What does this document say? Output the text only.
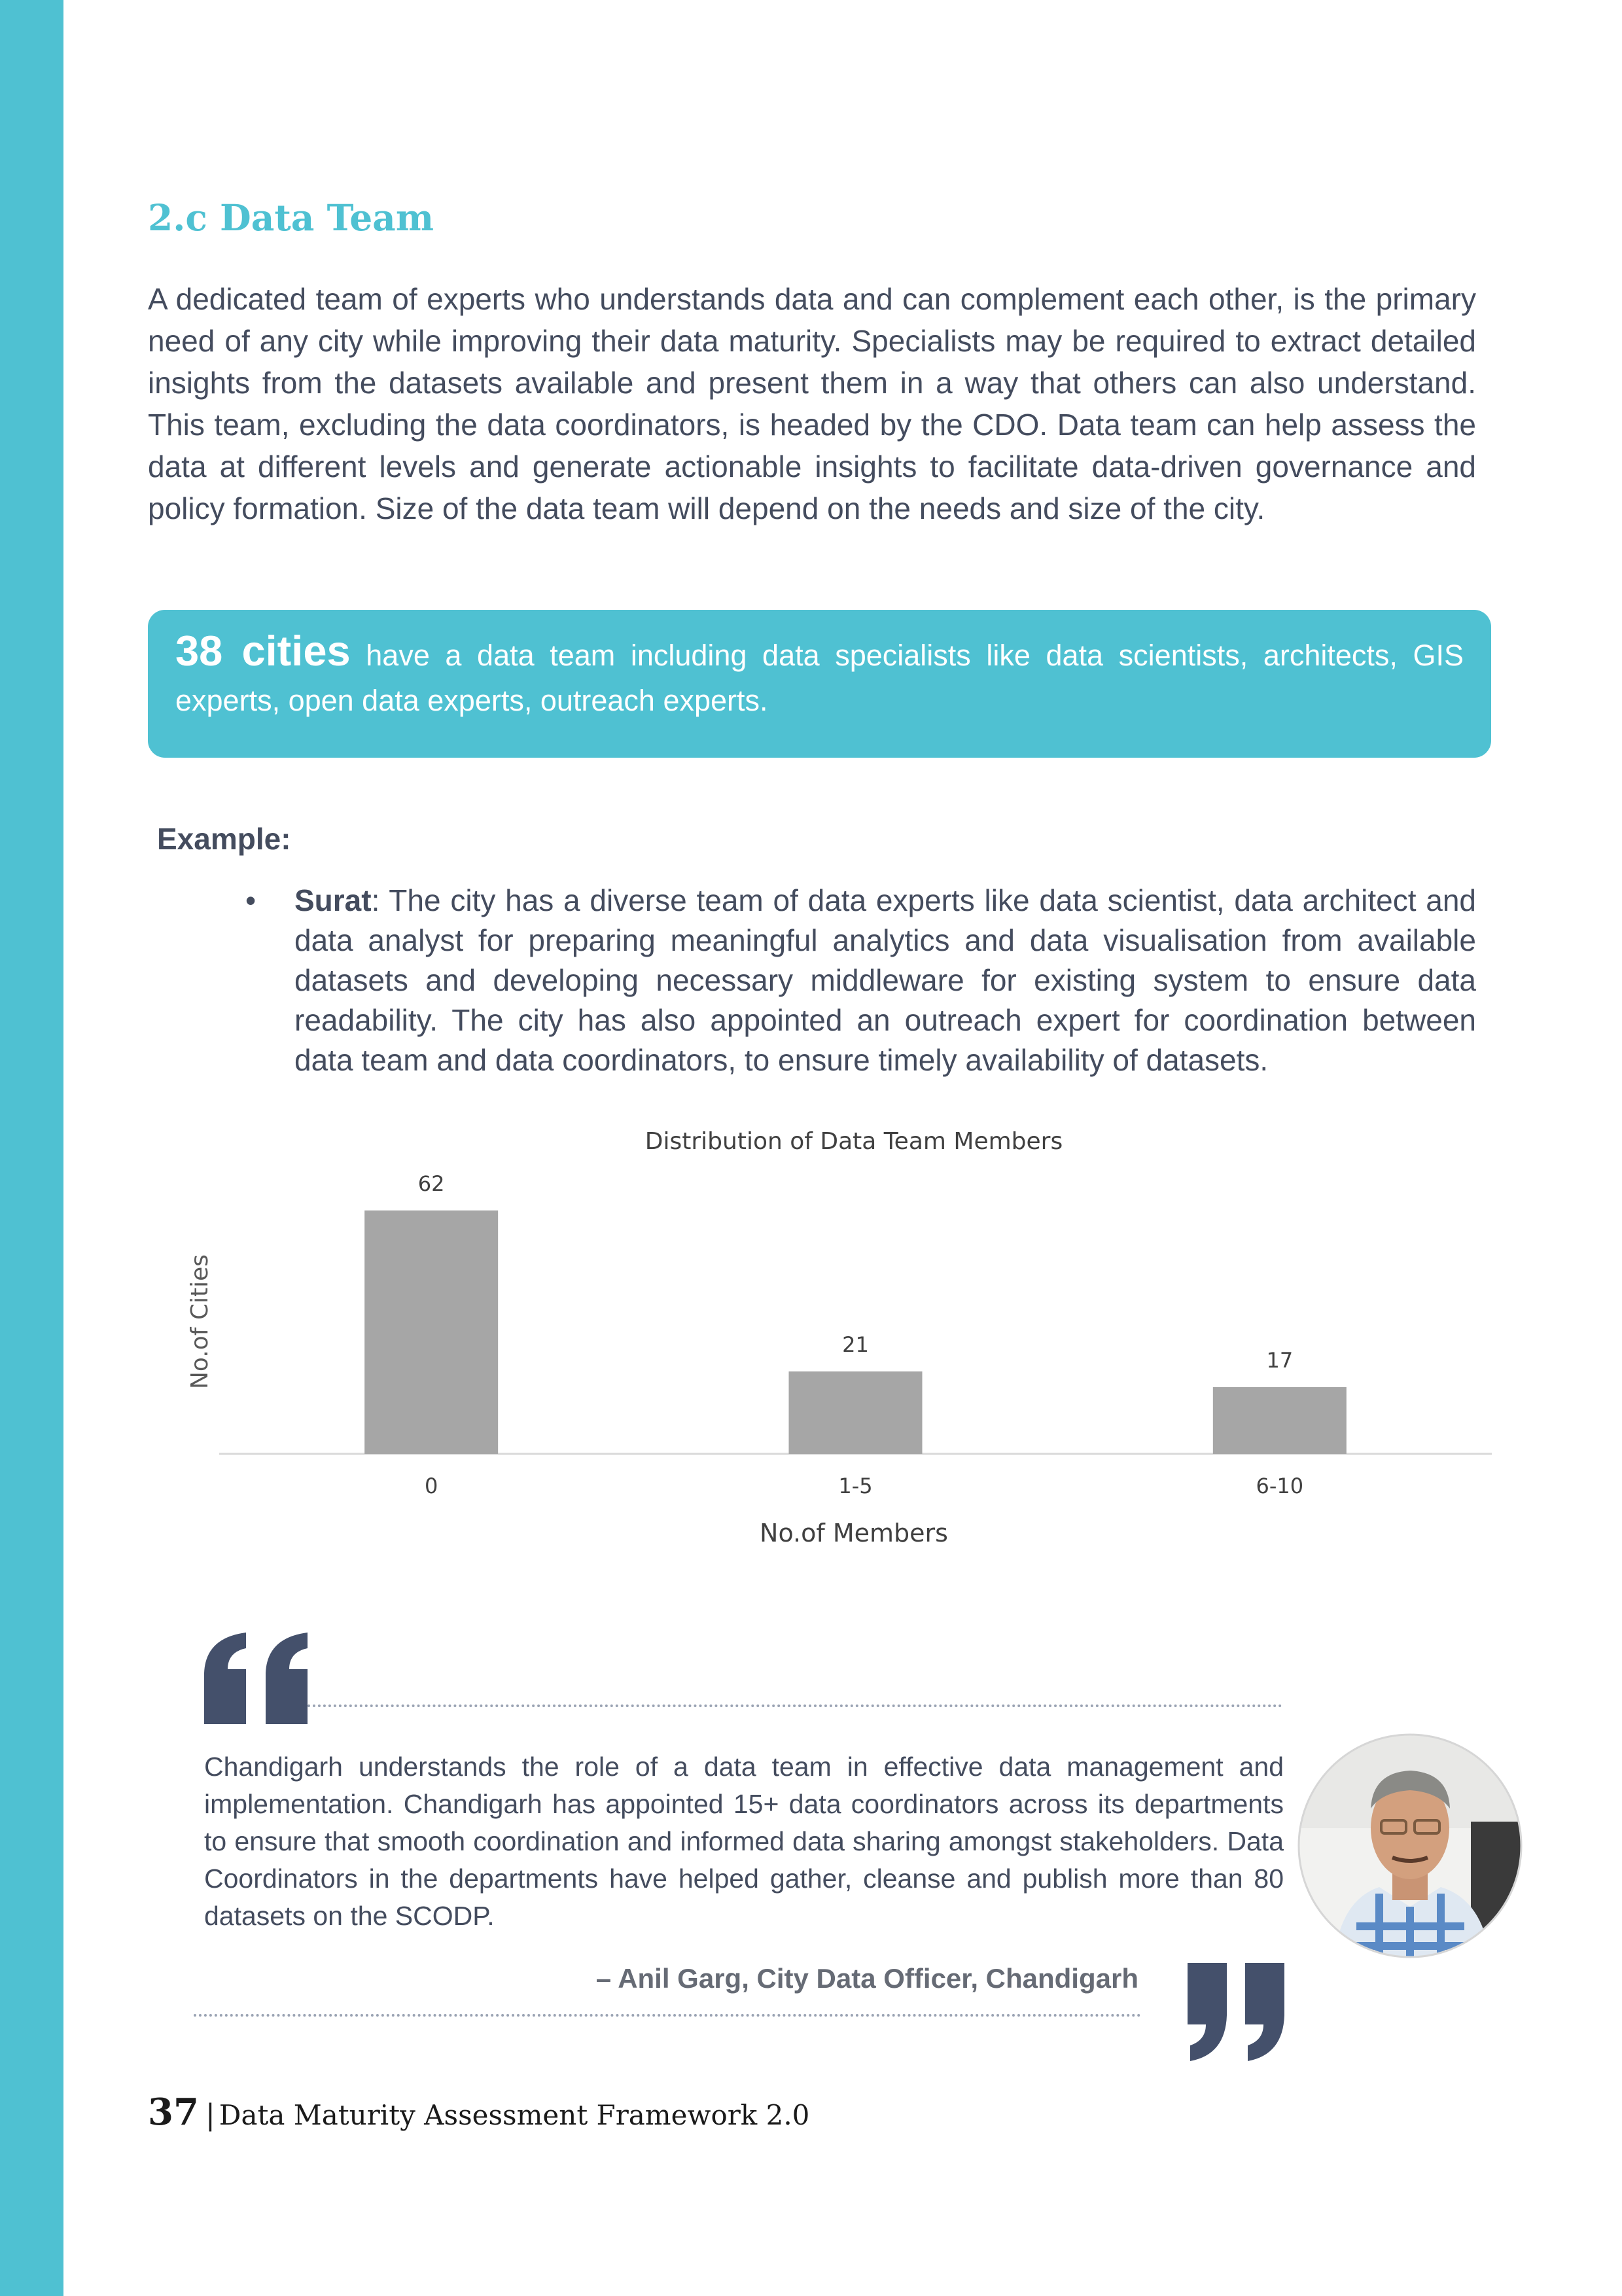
2.c Data Team

A dedicated team of experts who understands data and can complement each other, is the primary need of any city while improving their data maturity. Specialists may be required to extract detailed insights from the datasets available and present them in a way that others can also understand. This team, excluding the data coordinators, is headed by the CDO. Data team can help assess the data at different levels and generate actionable insights to facilitate data-driven governance and policy formation. Size of the data team will depend on the needs and size of the city.

38 cities have a data team including data specialists like data scientists, architects, GIS experts, open data experts, outreach experts.
Example:
• Surat: The city has a diverse team of data experts like data scientist, data architect and data analyst for preparing meaningful analytics and data visualisation from available datasets and developing necessary middleware for existing system to ensure data readability. The city has also appointed an outreach expert for coordination between data team and data coordinators, to ensure timely availability of datasets.
Distribution of Data Team Members
No.of Cities
No.of Members
62
0
21
1-5
17
6-10
Chandigarh understands the role of a data team in effective data management and implementation. Chandigarh has appointed 15+ data coordinators across its departments to ensure that smooth coordination and informed data sharing amongst stakeholders. Data Coordinators in the departments have helped gather, cleanse and publish more than 80 datasets on the SCODP.
– Anil Garg, City Data Officer, Chandigarh
37 | Data Maturity Assessment Framework 2.0
